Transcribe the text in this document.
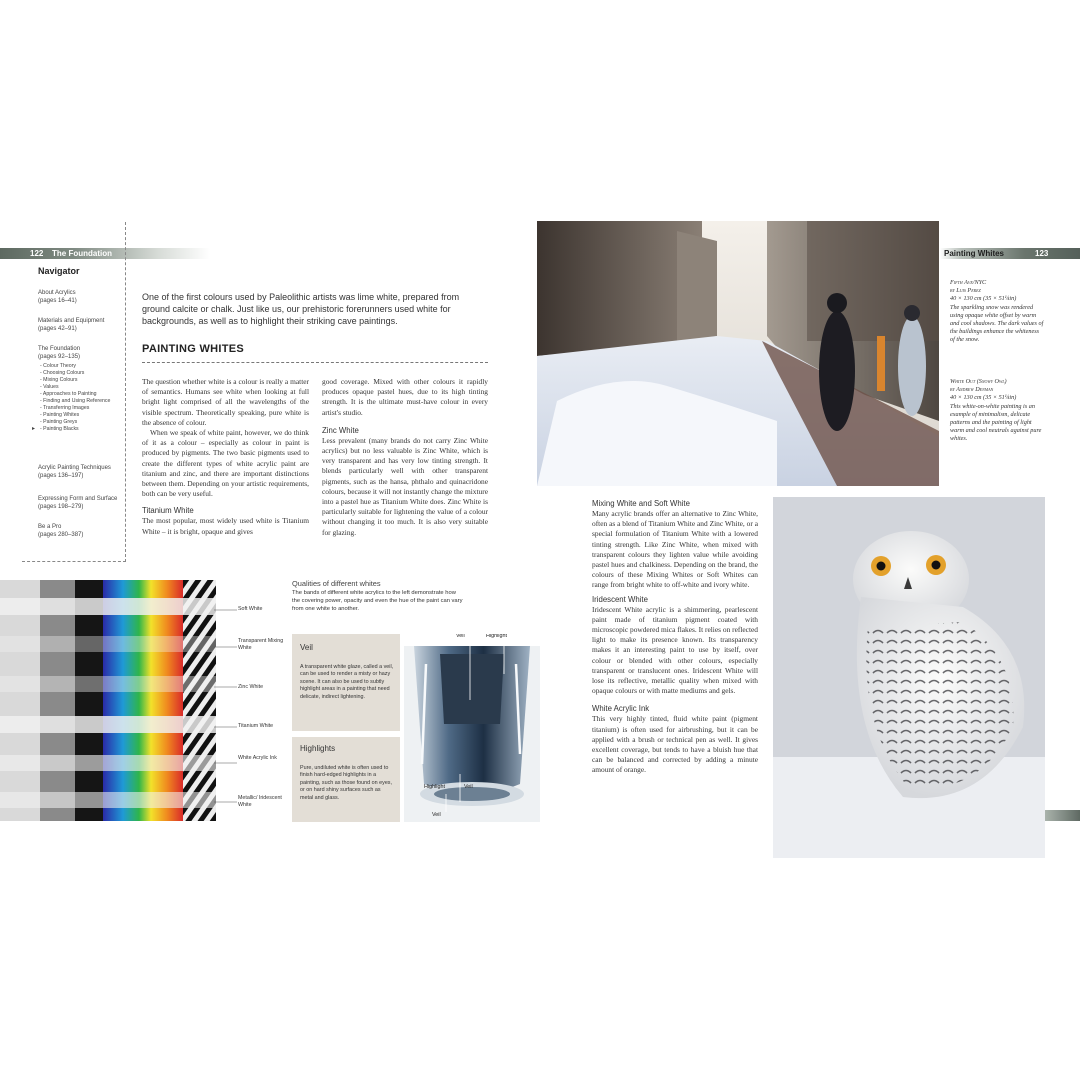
122 The Foundation	Painting Whites	123
Navigator
About Acrylics
(pages 16–41)
Materials and Equipment
(pages 42–91)
The Foundation
(pages 92–135)
- Colour Theory
- Choosing Colours
- Mixing Colours
- Values
- Approaches to Painting
- Finding and Using Reference
- Transferring Images
- Painting Whites
- Painting Greys
- Painting Blacks
▸
Acrylic Painting Techniques
(pages 136–197)
Expressing Form and Surface
(pages 198–279)
Be a Pro
(pages 280–387)
One of the first colours used by Paleolithic artists was lime white, prepared from ground calcite or chalk. Just like us, our prehistoric forerunners used white for backgrounds, as well as to highlight their striking cave paintings.
PAINTING WHITES

The question whether white is a colour is really a matter of semantics. Humans see white when looking at full bright light comprised of all the wavelengths of the visible spectrum. Theoretically speaking, pure white is the absence of colour.

When we speak of white paint, however, we do think of it as a colour – especially as colour in paint is produced by pigments. The two basic pigments used to create the different types of white acrylic paint are titanium and zinc, and there are important distinctions between them. Depending on your artistic requirements, both can be very useful.

Titanium White

The most popular, most widely used white is Titanium White – it is bright, opaque and gives

good coverage. Mixed with other colours it rapidly produces opaque pastel hues, due to its high tinting strength. It is the ultimate must-have colour in every artist's studio.

Zinc White

Less prevalent (many brands do not carry Zinc White acrylics) but no less valuable is Zinc White, which is very transparent and has very low tinting strength. It blends particularly well with other transparent pigments, such as the hansa, phthalo and quinacridone colours, because it will not instantly change the mixture into a pastel hue as Titanium White does. Zinc White is particularly suitable for lightening the value of a colour without changing it too much. It is also very suitable for glazing.

Fifth Ave/NYC
by Luis Perez
40 × 130 cm (35 × 51¼in)
The sparkling snow was rendered using opaque white offset by warm and cool shadows. The dark values of the buildings enhance the whiteness of the snow.
White Out (Snowy Owl)
by Andrew Denman
40 × 130 cm (35 × 51¼in)
This white-on-white painting is an example of minimalism, delicate patterns and the painting of light warm and cool neutrals against pure whites.
Mixing White and Soft White

Many acrylic brands offer an alternative to Zinc White, often as a blend of Titanium White and Zinc White, or a special formulation of Titanium White with a lowered tinting strength. Like Zinc White, when mixed with transparent colours they lighten value while avoiding pastel hues and chalkiness. Depending on the brand, the colours of these Mixing Whites or Soft Whites can range from bright white to off-white and ivory white.

Iridescent White

Iridescent White acrylic is a shimmering, pearlescent paint made of titanium pigment coated with microscopic powdered mica flakes. It relies on reflected light to make its presence known. Its transparency makes it an interesting paint to use by itself, over colour or blended with other colours, especially transparent or translucent ones. Iridescent White will lose its reflective, metallic quality when mixed with opaque colours or with matte mediums and gels.

White Acrylic Ink

This very highly tinted, fluid white paint (pigment titanium) is often used for airbrushing, but it can be applied with a brush or technical pen as well. It gives excellent coverage, but tends to have a bluish hue that can be balanced and corrected by adding a minute amount of orange.

Soft White
Transparent Mixing White
Zinc White
Titanium White
White Acrylic Ink
Metallic/ Iridescent White
Qualities of different whites
The bands of different white acrylics to the left demonstrate how the covering power, opacity and even the hue of the paint can vary from one white to another.
Veil
A transparent white glaze, called a veil, can be used to render a misty or hazy scene. It can also be used to subtly highlight areas in a painting that need delicate, indirect lightening.
Highlights
Pure, undiluted white is often used to finish hard-edged highlights in a painting, such as those found on eyes, or on hard shiny surfaces such as metal and glass.
Veil	Highlight
Highlight	Veil
Veil
